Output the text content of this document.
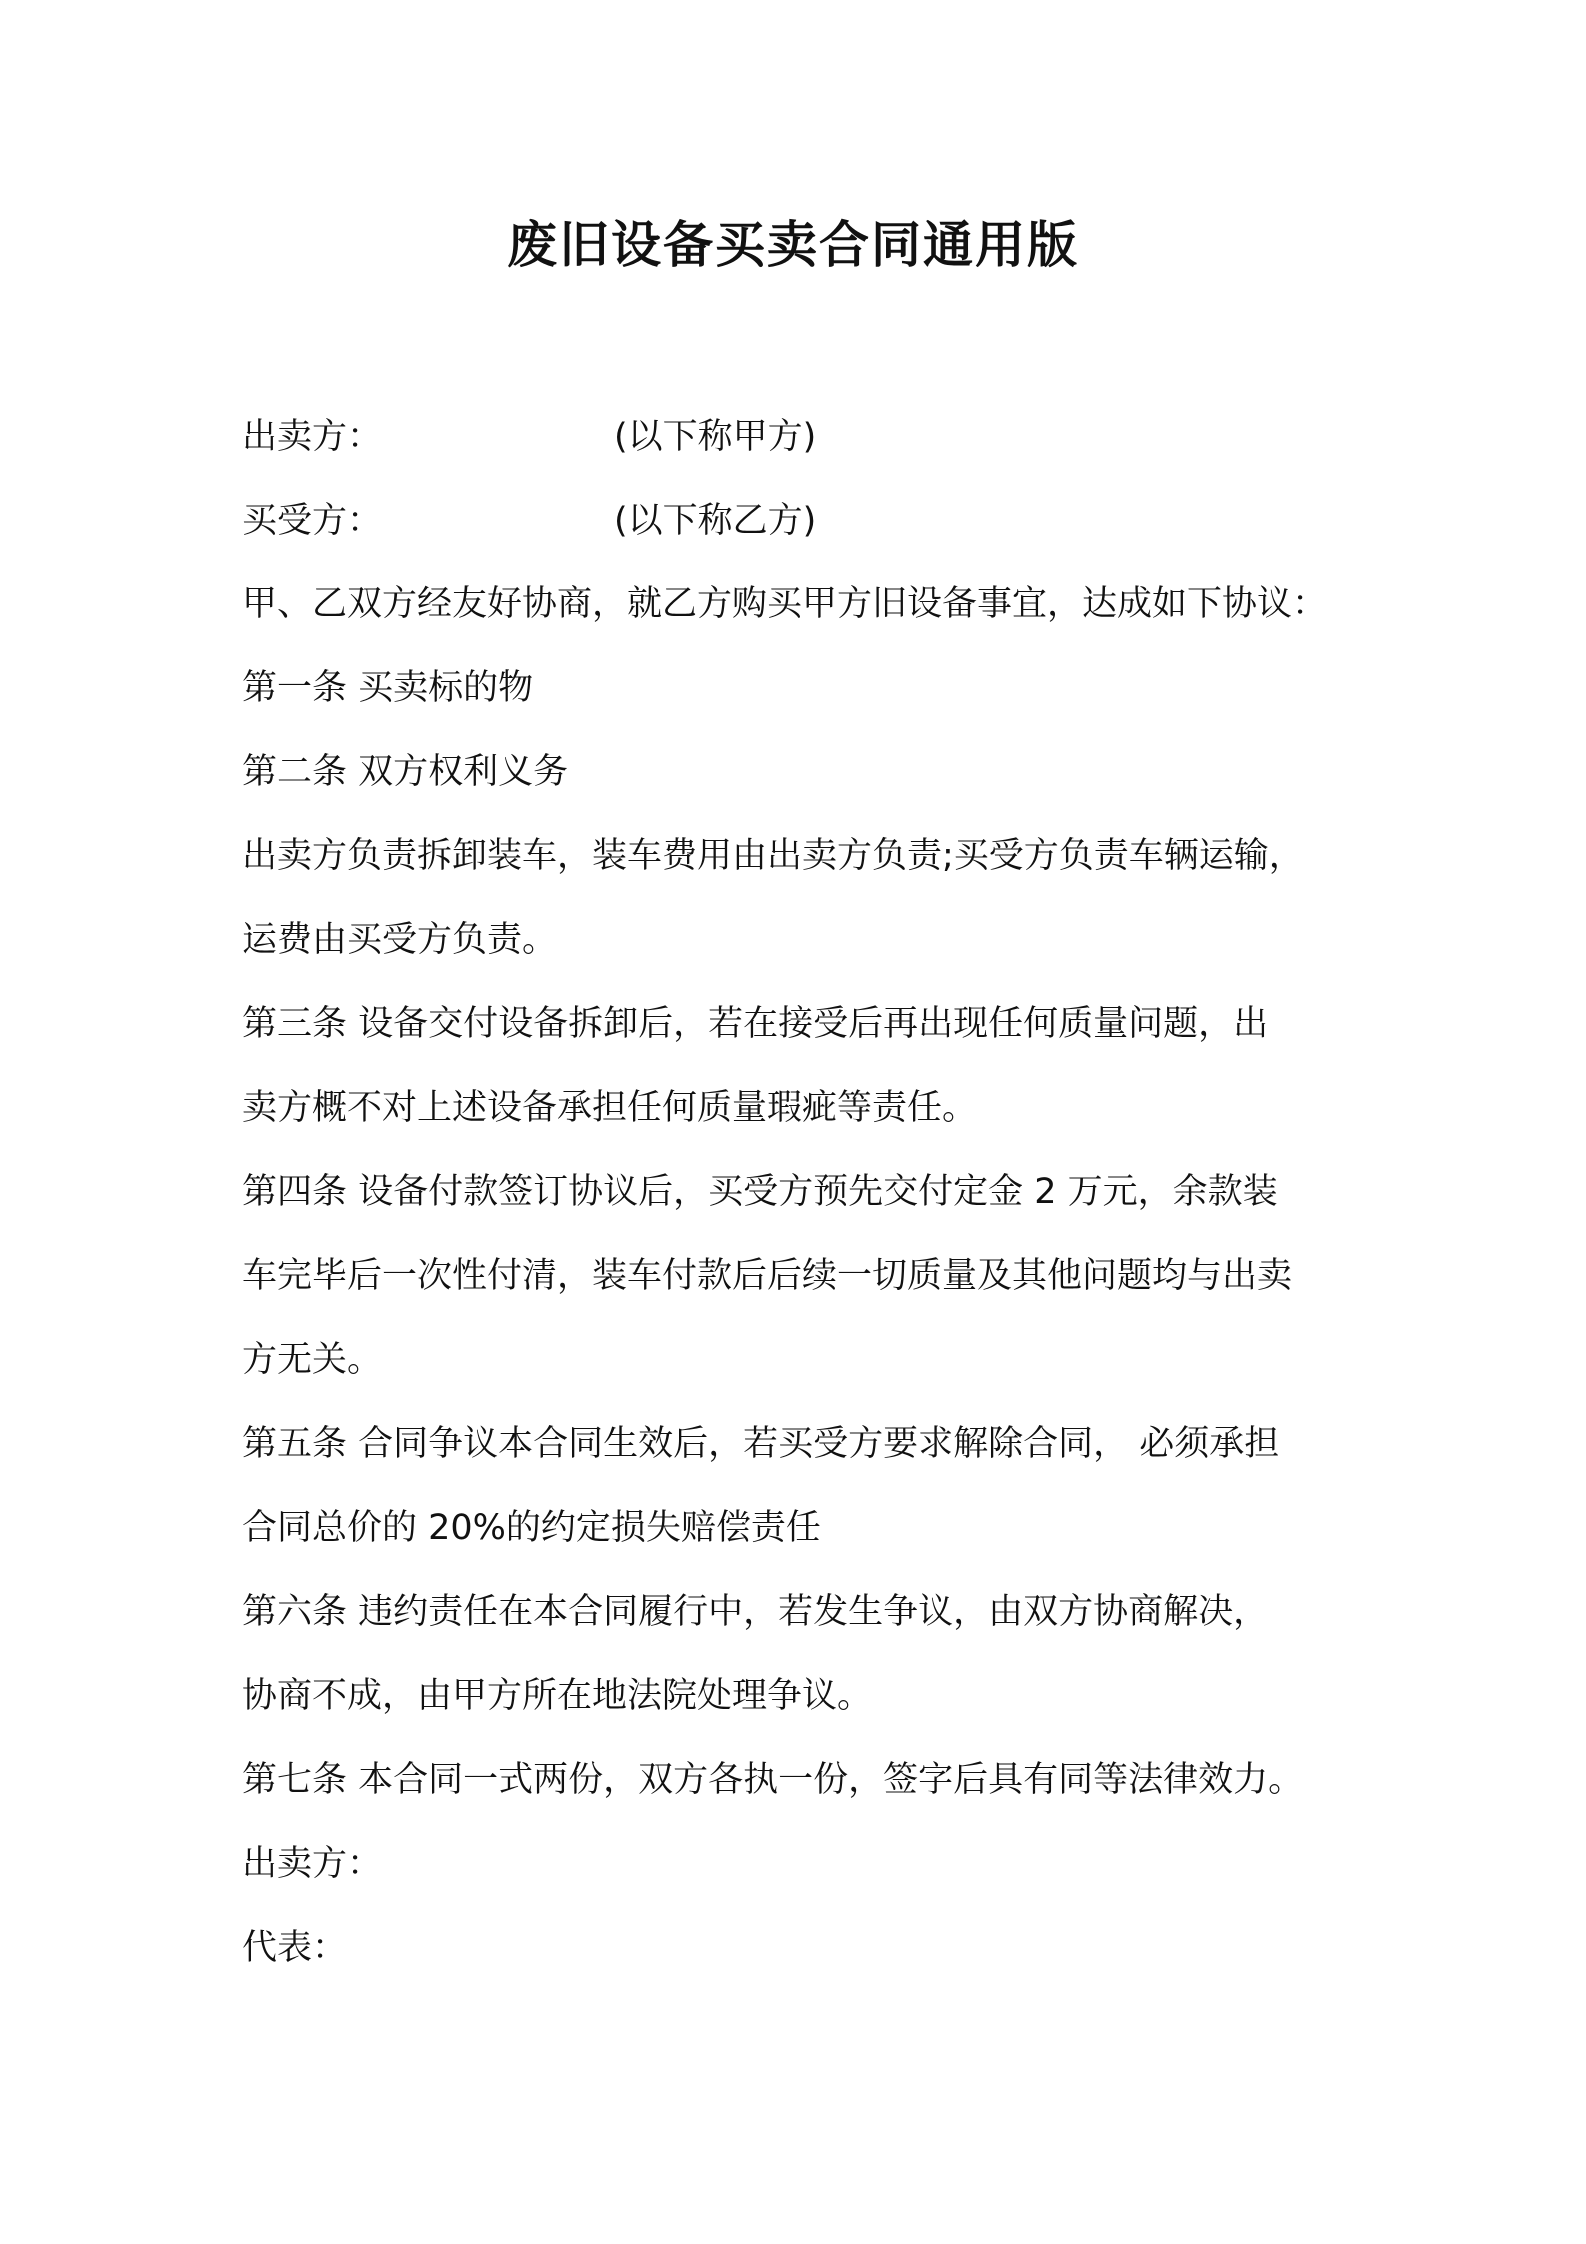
废旧设备买卖合同通用版
出卖方：	(以下称甲方)
买受方：	(以下称乙方)
甲、乙双方经友好协商，就乙方购买甲方旧设备事宜，达成如下协议：
第一条 买卖标的物
第二条 双方权利义务
出卖方负责拆卸装车，装车费用由出卖方负责;买受方负责车辆运输，
运费由买受方负责。
第三条 设备交付设备拆卸后，若在接受后再出现任何质量问题，出
卖方概不对上述设备承担任何质量瑕疵等责任。
第四条 设备付款签订协议后，买受方预先交付定金 2 万元，余款装
车完毕后一次性付清，装车付款后后续一切质量及其他问题均与出卖
方无关。
第五条 合同争议本合同生效后，若买受方要求解除合同， 必须承担
合同总价的 20%的约定损失赔偿责任
第六条 违约责任在本合同履行中，若发生争议，由双方协商解决，
协商不成，由甲方所在地法院处理争议。
第七条 本合同一式两份，双方各执一份，签字后具有同等法律效力。
出卖方：
代表：
